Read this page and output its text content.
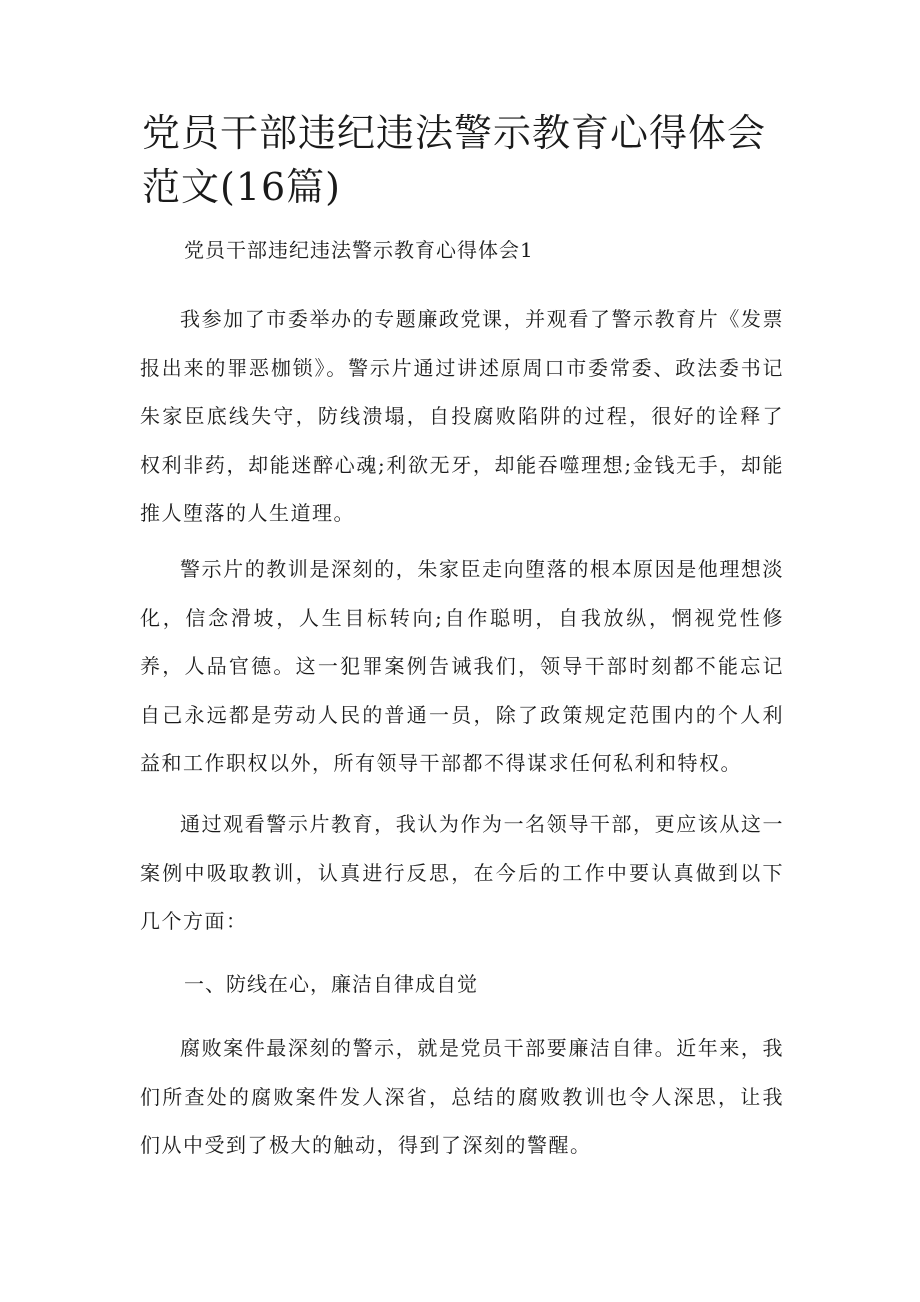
党员干部违纪违法警示教育心得体会范文(16篇)

党员干部违纪违法警示教育心得体会1

我参加了市委举办的专题廉政党课，并观看了警示教育片《发票报出来的罪恶枷锁》。警示片通过讲述原周口市委常委、政法委书记朱家臣底线失守，防线溃塌，自投腐败陷阱的过程，很好的诠释了权利非药，却能迷醉心魂;利欲无牙，却能吞噬理想;金钱无手，却能推人堕落的人生道理。

警示片的教训是深刻的，朱家臣走向堕落的根本原因是他理想淡化，信念滑坡，人生目标转向;自作聪明，自我放纵，惘视党性修养，人品官德。这一犯罪案例告诫我们，领导干部时刻都不能忘记自己永远都是劳动人民的普通一员，除了政策规定范围内的个人利益和工作职权以外，所有领导干部都不得谋求任何私利和特权。

通过观看警示片教育，我认为作为一名领导干部，更应该从这一案例中吸取教训，认真进行反思，在今后的工作中要认真做到以下几个方面：

一、防线在心，廉洁自律成自觉

腐败案件最深刻的警示，就是党员干部要廉洁自律。近年来，我们所查处的腐败案件发人深省，总结的腐败教训也令人深思，让我们从中受到了极大的触动，得到了深刻的警醒。
